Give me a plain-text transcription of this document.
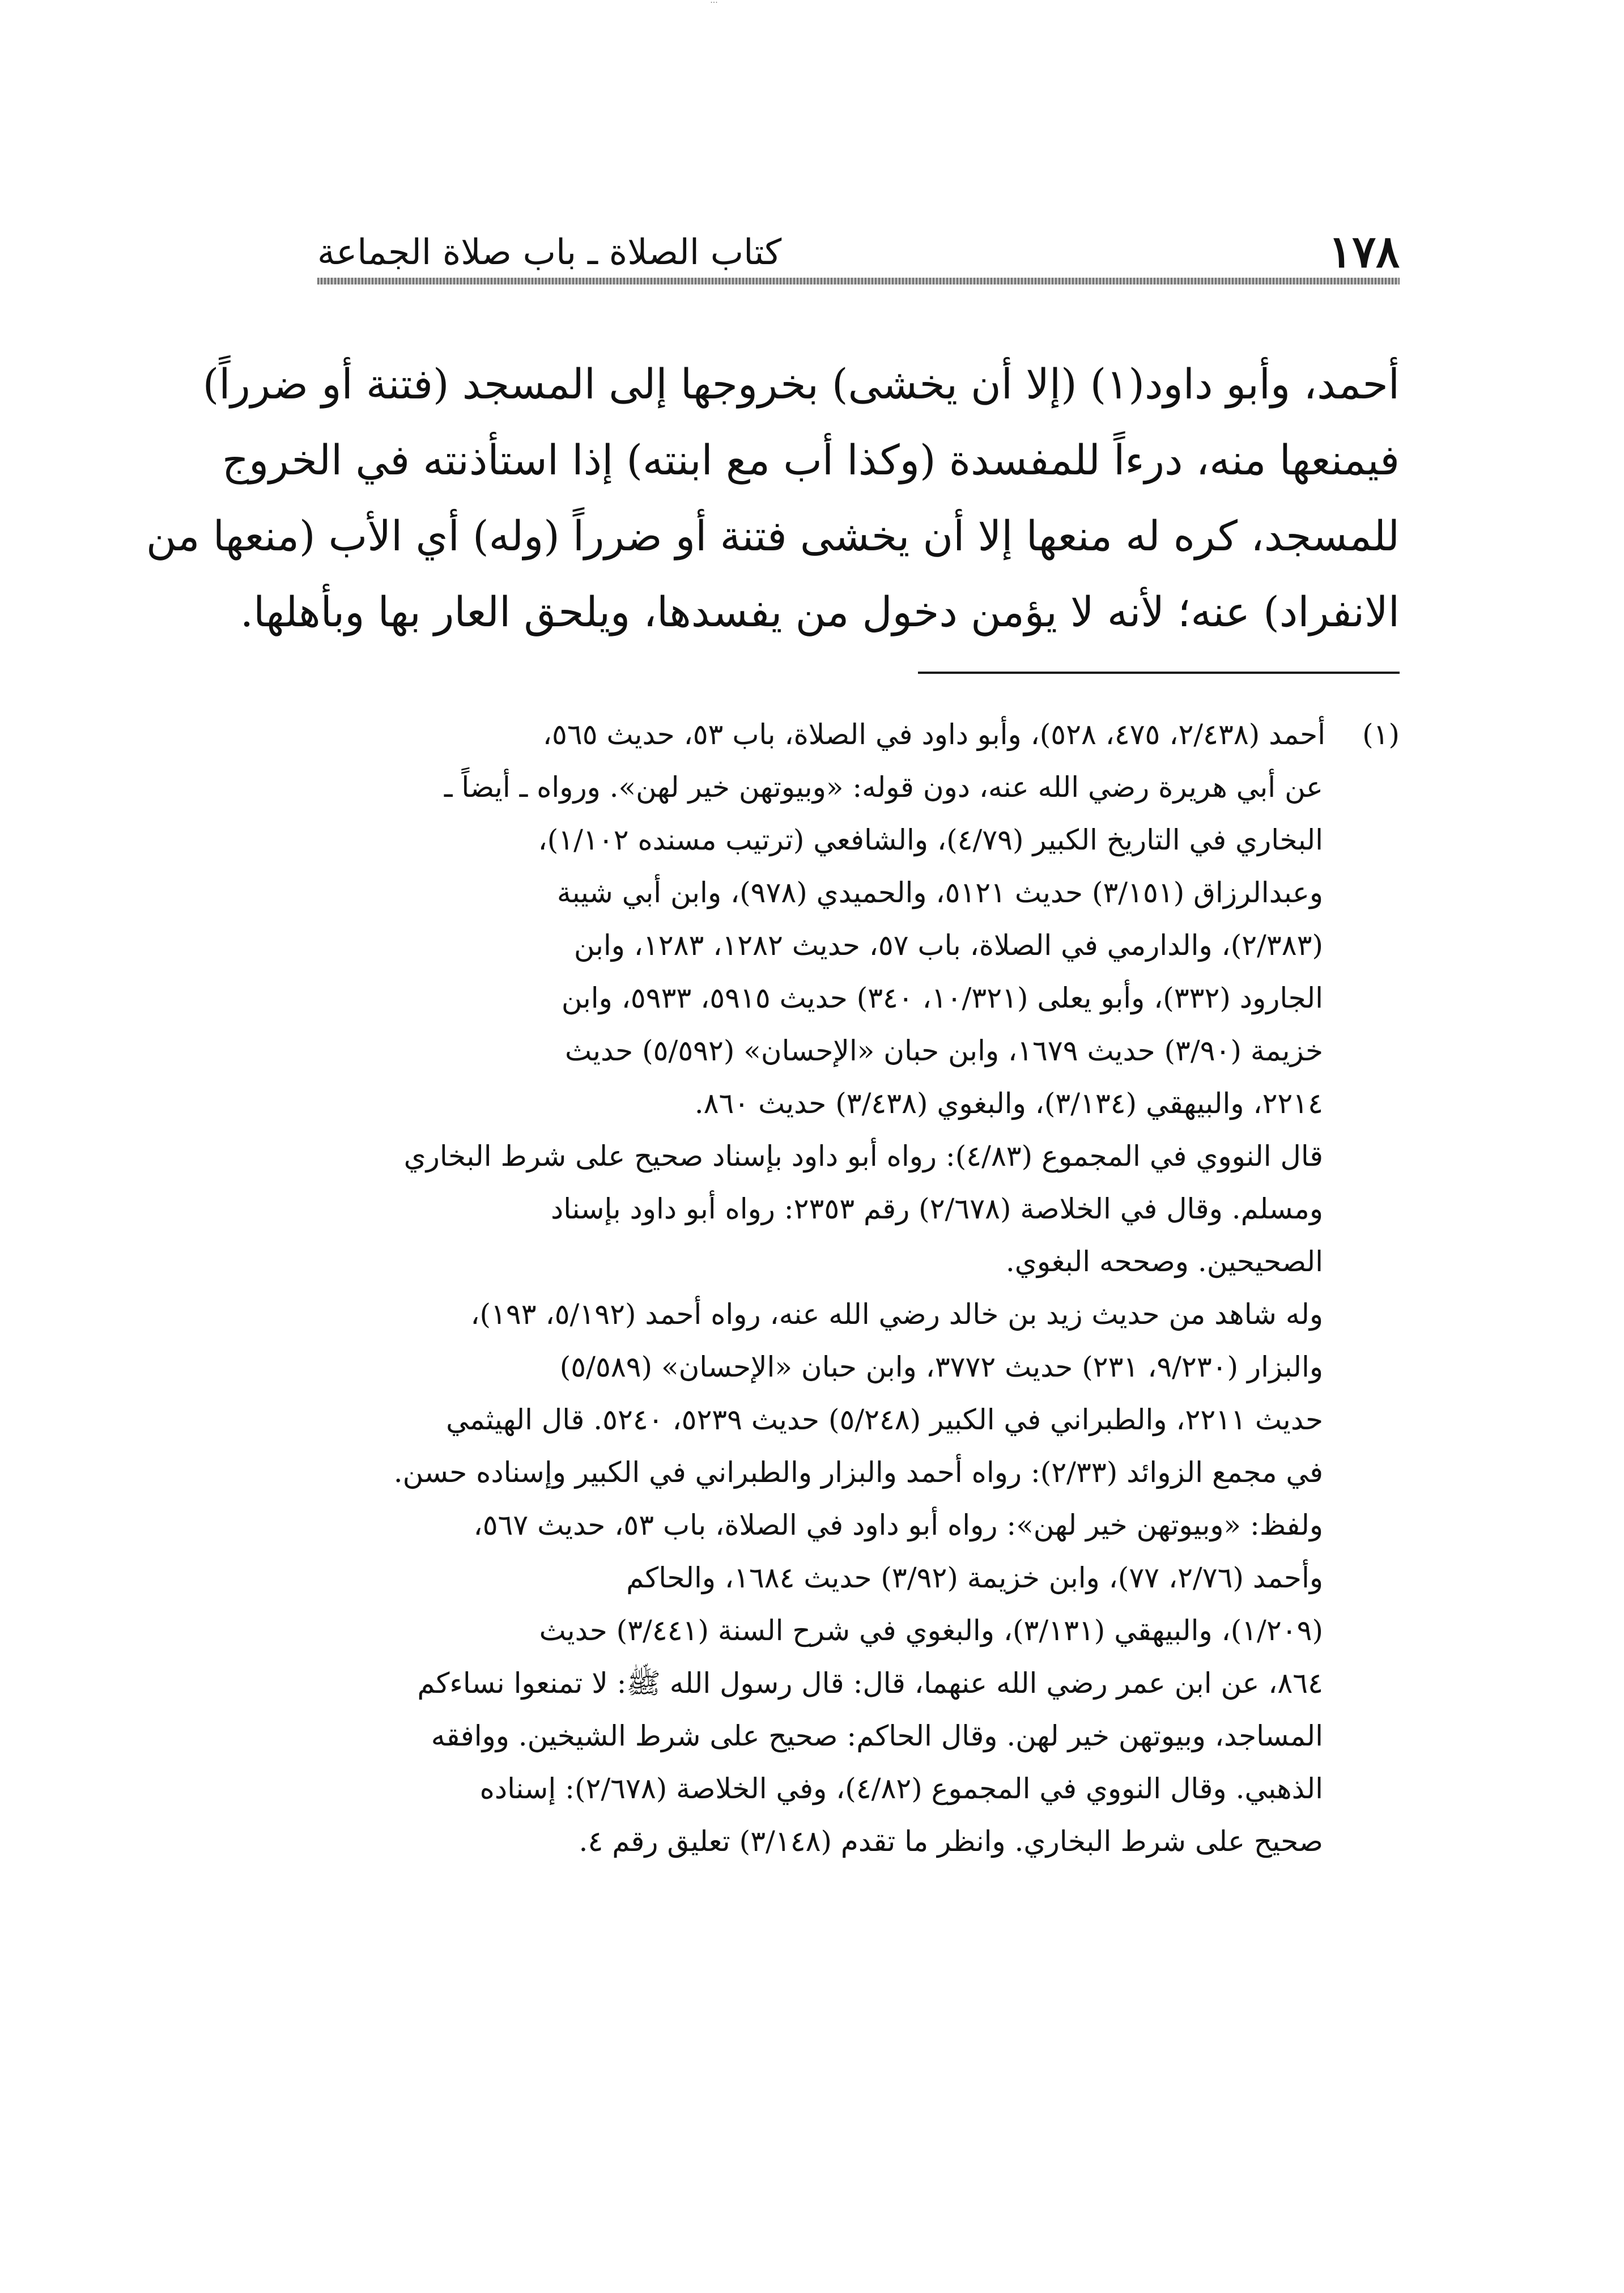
···
١٧٨
كتاب الصلاة ـ باب صلاة الجماعة
أحمد، وأبو داود(١) (إلا أن يخشى) بخروجها إلى المسجد (فتنة أو ضرراً)
فيمنعها منه، درءاً للمفسدة (وكذا أب مع ابنته) إذا استأذنته في الخروج
للمسجد، كره له منعها إلا أن يخشى فتنة أو ضرراً (وله) أي الأب (منعها من
الانفراد) عنه؛ لأنه لا يؤمن دخول من يفسدها، ويلحق العار بها وبأهلها.
(١) أحمد (٢/٤٣٨، ٤٧٥، ٥٢٨)، وأبو داود في الصلاة، باب ٥٣، حديث ٥٦٥،
عن أبي هريرة رضي الله عنه، دون قوله: «وبيوتهن خير لهن». ورواه ـ أيضاً ـ
البخاري في التاريخ الكبير (٤/٧٩)، والشافعي (ترتيب مسنده ١/١٠٢)،
وعبدالرزاق (٣/١٥١) حديث ٥١٢١، والحميدي (٩٧٨)، وابن أبي شيبة
(٢/٣٨٣)، والدارمي في الصلاة، باب ٥٧، حديث ١٢٨٢، ١٢٨٣، وابن
الجارود (٣٣٢)، وأبو يعلى (١٠/٣٢١، ٣٤٠) حديث ٥٩١٥، ٥٩٣٣، وابن
خزيمة (٣/٩٠) حديث ١٦٧٩، وابن حبان «الإحسان» (٥/٥٩٢) حديث
٢٢١٤، والبيهقي (٣/١٣٤)، والبغوي (٣/٤٣٨) حديث ٨٦٠.
قال النووي في المجموع (٤/٨٣): رواه أبو داود بإسناد صحيح على شرط البخاري
ومسلم. وقال في الخلاصة (٢/٦٧٨) رقم ٢٣٥٣: رواه أبو داود بإسناد
الصحيحين. وصححه البغوي.
وله شاهد من حديث زيد بن خالد رضي الله عنه، رواه أحمد (٥/١٩٢، ١٩٣)،
والبزار (٩/٢٣٠، ٢٣١) حديث ٣٧٧٢، وابن حبان «الإحسان» (٥/٥٨٩)
حديث ٢٢١١، والطبراني في الكبير (٥/٢٤٨) حديث ٥٢٣٩، ٥٢٤٠. قال الهيثمي
في مجمع الزوائد (٢/٣٣): رواه أحمد والبزار والطبراني في الكبير وإسناده حسن.
ولفظ: «وبيوتهن خير لهن»: رواه أبو داود في الصلاة، باب ٥٣، حديث ٥٦٧،
وأحمد (٢/٧٦، ٧٧)، وابن خزيمة (٣/٩٢) حديث ١٦٨٤، والحاكم
(١/٢٠٩)، والبيهقي (٣/١٣١)، والبغوي في شرح السنة (٣/٤٤١) حديث
٨٦٤، عن ابن عمر رضي الله عنهما، قال: قال رسول الله ﷺ: لا تمنعوا نساءكم
المساجد، وبيوتهن خير لهن. وقال الحاكم: صحيح على شرط الشيخين. ووافقه
الذهبي. وقال النووي في المجموع (٤/٨٢)، وفي الخلاصة (٢/٦٧٨): إسناده
صحيح على شرط البخاري. وانظر ما تقدم (٣/١٤٨) تعليق رقم ٤.
